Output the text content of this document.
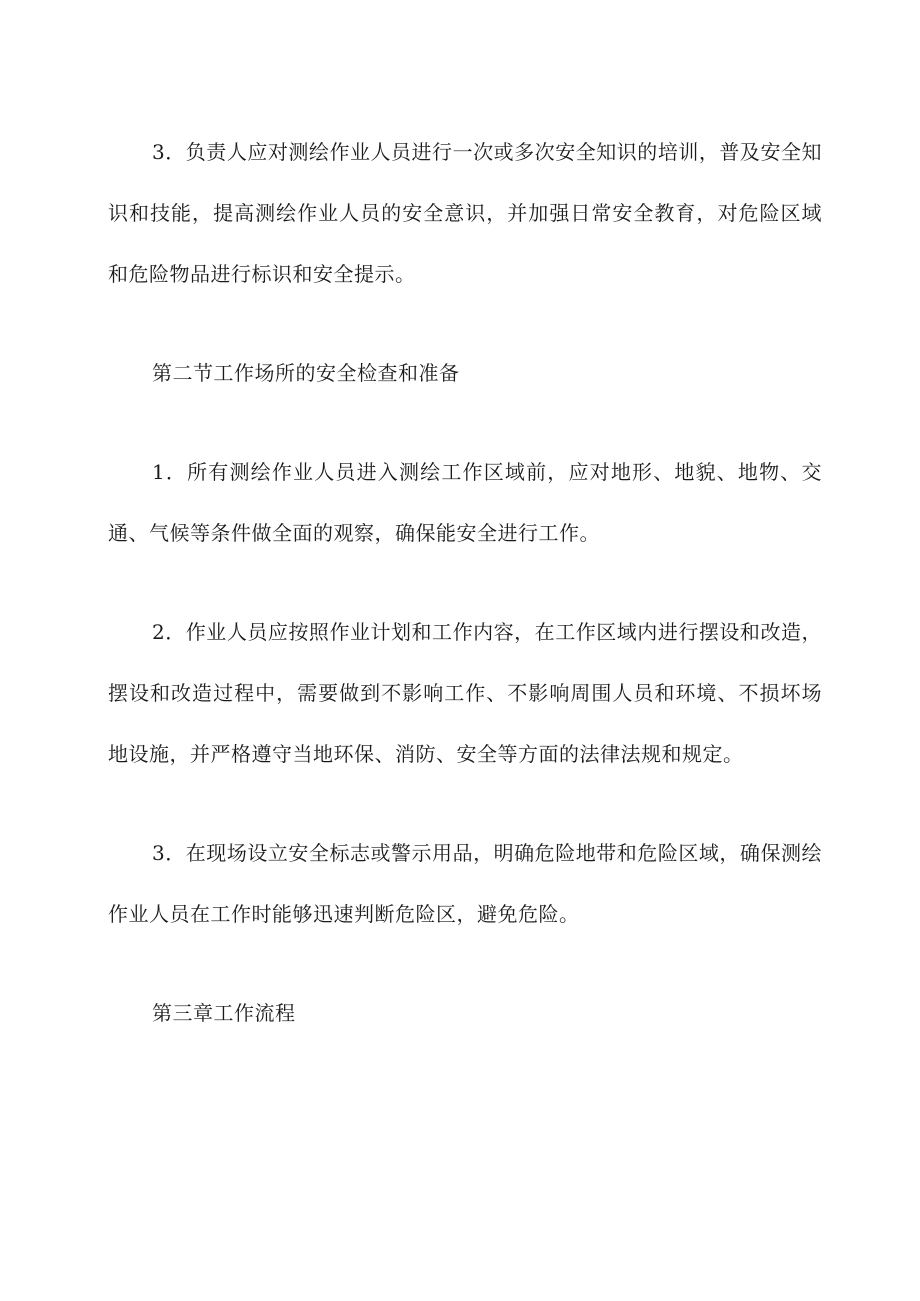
3．负责人应对测绘作业人员进行一次或多次安全知识的培训，普及安全知识和技能，提高测绘作业人员的安全意识，并加强日常安全教育，对危险区域和危险物品进行标识和安全提示。

第二节工作场所的安全检查和准备

1．所有测绘作业人员进入测绘工作区域前，应对地形、地貌、地物、交通、气候等条件做全面的观察，确保能安全进行工作。

2．作业人员应按照作业计划和工作内容，在工作区域内进行摆设和改造，摆设和改造过程中，需要做到不影响工作、不影响周围人员和环境、不损坏场地设施，并严格遵守当地环保、消防、安全等方面的法律法规和规定。

3．在现场设立安全标志或警示用品，明确危险地带和危险区域，确保测绘作业人员在工作时能够迅速判断危险区，避免危险。

第三章工作流程
